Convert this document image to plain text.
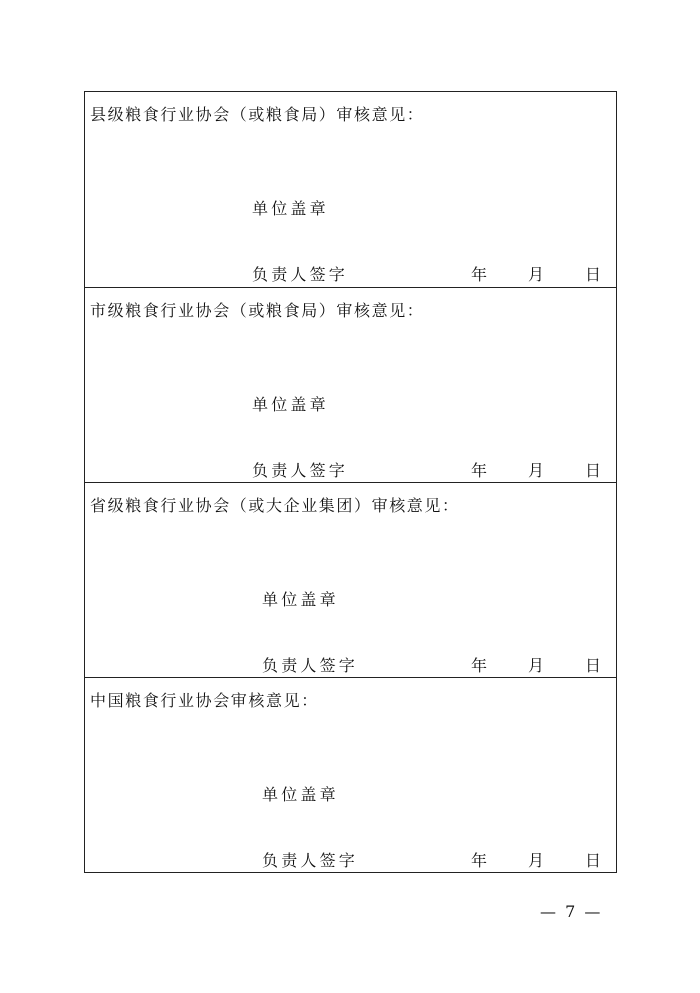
县级粮食行业协会（或粮食局）审核意见：
单位盖章
负责人签字	年	月	日
市级粮食行业协会（或粮食局）审核意见：
单位盖章
负责人签字	年	月	日
省级粮食行业协会（或大企业集团）审核意见：
单位盖章
负责人签字	年	月	日
中国粮食行业协会审核意见：
单位盖章
负责人签字	年	月	日
— 7 —
